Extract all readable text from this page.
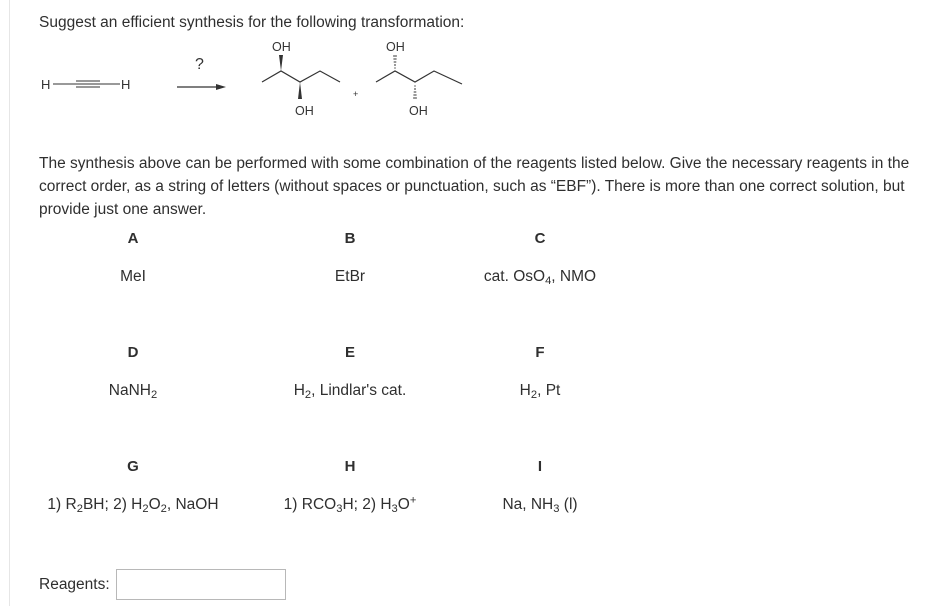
Suggest an efficient synthesis for the following transformation:
H	H
?
OH
OH
+
OH
OH
The synthesis above can be performed with some combination of the reagents listed below. Give the necessary reagents in the correct order, as a string of letters (without spaces or punctuation, such as “EBF”). There is more than one correct solution, but provide just one answer.
A
MeI
B
EtBr
C
cat. OsO$_4$, NMO
D
NaNH$_2$
E
$H_2$, Lindlar's cat.
F
$H_2$, Pt
G
1) $R_2BH$; 2) $H_2O_2$, NaOH
H
1) $RCO_3H$; 2) $H_3O^+$
I
Na, $NH_3$ (l)
Reagents:
